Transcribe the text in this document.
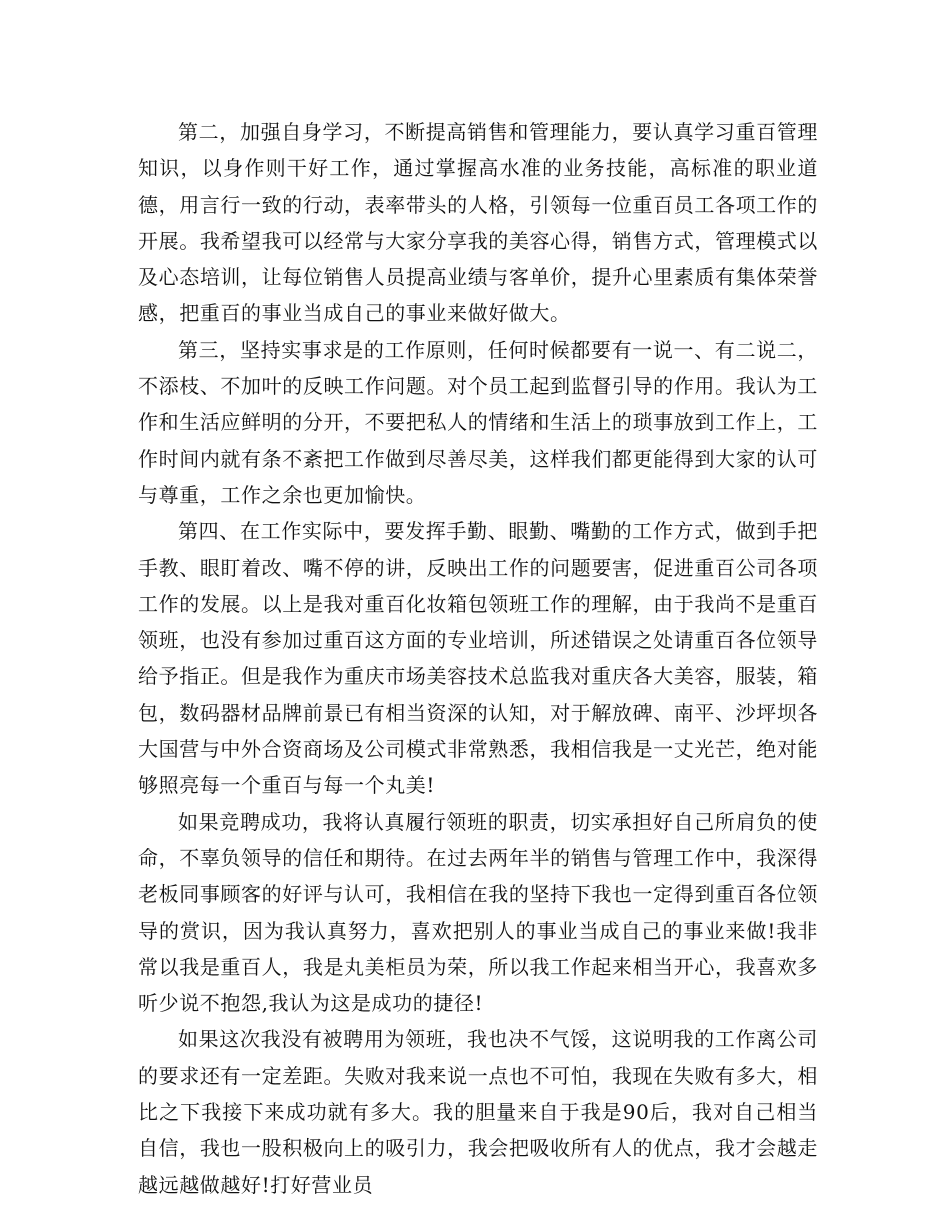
第二，加强自身学习，不断提高销售和管理能力，要认真学习重百管理知识，以身作则干好工作，通过掌握高水准的业务技能，高标准的职业道德，用言行一致的行动，表率带头的人格，引领每一位重百员工各项工作的开展。我希望我可以经常与大家分享我的美容心得，销售方式，管理模式以及心态培训，让每位销售人员提高业绩与客单价，提升心里素质有集体荣誉感，把重百的事业当成自己的事业来做好做大。

第三，坚持实事求是的工作原则，任何时候都要有一说一、有二说二，不添枝、不加叶的反映工作问题。对个员工起到监督引导的作用。我认为工作和生活应鲜明的分开，不要把私人的情绪和生活上的琐事放到工作上，工作时间内就有条不紊把工作做到尽善尽美，这样我们都更能得到大家的认可与尊重，工作之余也更加愉快。

第四、在工作实际中，要发挥手勤、眼勤、嘴勤的工作方式，做到手把手教、眼盯着改、嘴不停的讲，反映出工作的问题要害，促进重百公司各项工作的发展。以上是我对重百化妆箱包领班工作的理解，由于我尚不是重百领班，也没有参加过重百这方面的专业培训，所述错误之处请重百各位领导给予指正。但是我作为重庆市场美容技术总监我对重庆各大美容，服装，箱包，数码器材品牌前景已有相当资深的认知，对于解放碑、南平、沙坪坝各大国营与中外合资商场及公司模式非常熟悉，我相信我是一丈光芒，绝对能够照亮每一个重百与每一个丸美!

如果竞聘成功，我将认真履行领班的职责，切实承担好自己所肩负的使命，不辜负领导的信任和期待。在过去两年半的销售与管理工作中，我深得老板同事顾客的好评与认可，我相信在我的坚持下我也一定得到重百各位领导的赏识，因为我认真努力，喜欢把别人的事业当成自己的事业来做!我非常以我是重百人，我是丸美柜员为荣，所以我工作起来相当开心，我喜欢多听少说不抱怨,我认为这是成功的捷径!

如果这次我没有被聘用为领班，我也决不气馁，这说明我的工作离公司的要求还有一定差距。失败对我来说一点也不可怕，我现在失败有多大，相比之下我接下来成功就有多大。我的胆量来自于我是90后，我对自己相当自信，我也一股积极向上的吸引力，我会把吸收所有人的优点，我才会越走越远越做越好!打好营业员
